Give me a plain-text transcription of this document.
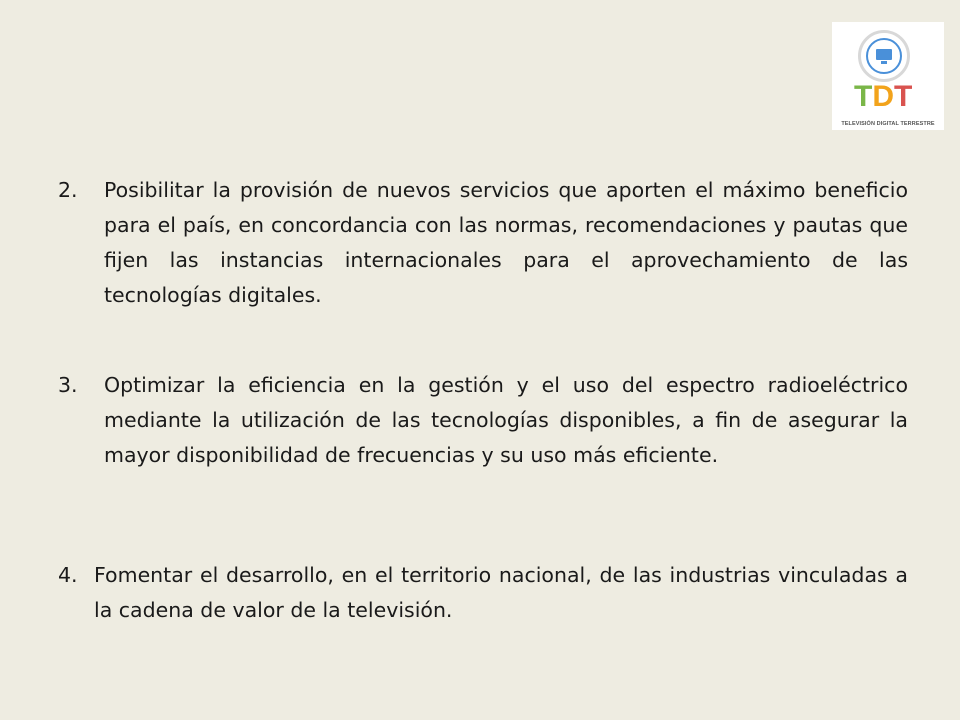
TDT
TELEVISIÓN DIGITAL TERRESTRE
2. Posibilitar la provisión de nuevos servicios que aporten el máximo beneficio para el país, en concordancia con las normas, recomendaciones y pautas que fijen las instancias internacionales para el aprovechamiento de las tecnologías digitales.
3. Optimizar la eficiencia en la gestión y el uso del espectro radioeléctrico mediante la utilización de las tecnologías disponibles, a fin de asegurar la mayor disponibilidad de frecuencias y su uso más eficiente.
4. Fomentar el desarrollo, en el territorio nacional, de las industrias vinculadas a la cadena de valor de la televisión.
